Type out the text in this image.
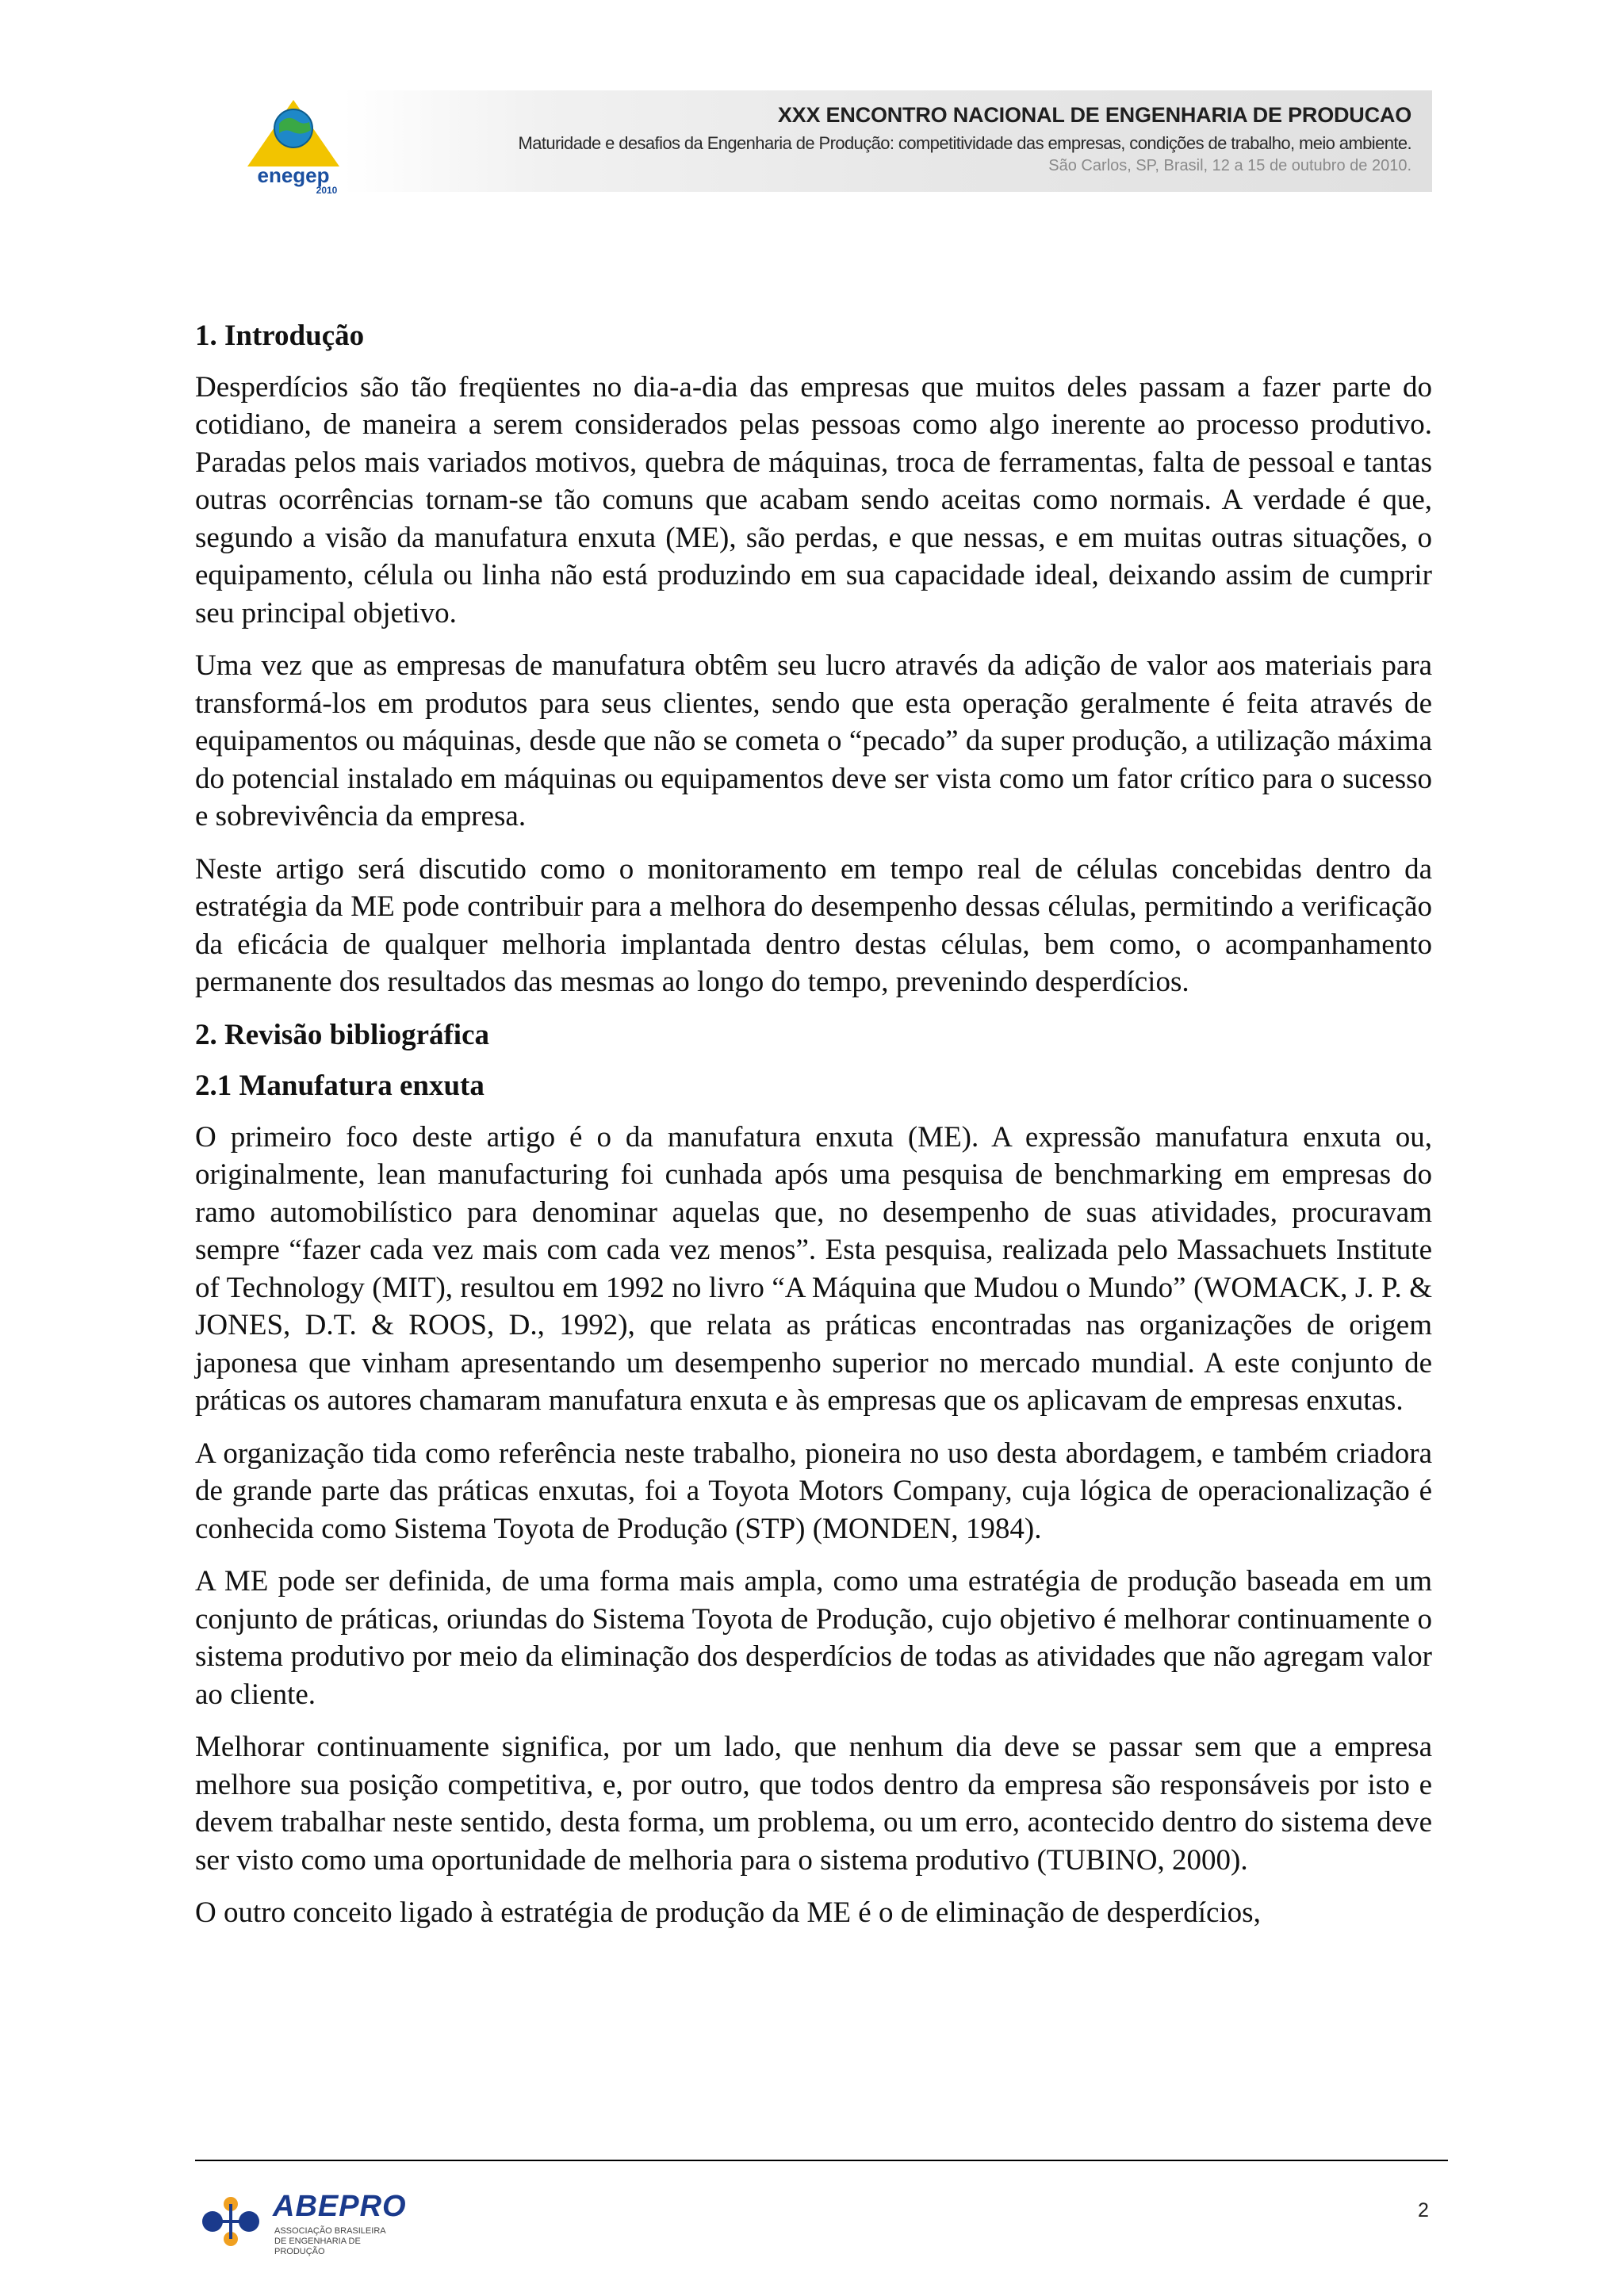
enegep
2010
XXX ENCONTRO NACIONAL DE ENGENHARIA DE PRODUCAO
Maturidade e desafios da Engenharia de Produção: competitividade das empresas, condições de trabalho, meio ambiente.
São Carlos, SP, Brasil, 12 a 15 de outubro de 2010.
1. Introdução

Desperdícios são tão freqüentes no dia-a-dia das empresas que muitos deles passam a fazer parte do cotidiano, de maneira a serem considerados pelas pessoas como algo inerente ao processo produtivo. Paradas pelos mais variados motivos, quebra de máquinas, troca de ferramentas, falta de pessoal e tantas outras ocorrências tornam-se tão comuns que acabam sendo aceitas como normais. A verdade é que, segundo a visão da manufatura enxuta (ME), são perdas, e que nessas, e em muitas outras situações, o equipamento, célula ou linha não está produzindo em sua capacidade ideal, deixando assim de cumprir seu principal objetivo.

Uma vez que as empresas de manufatura obtêm seu lucro através da adição de valor aos materiais para transformá-los em produtos para seus clientes, sendo que esta operação geralmente é feita através de equipamentos ou máquinas, desde que não se cometa o “pecado” da super produção, a utilização máxima do potencial instalado em máquinas ou equipamentos deve ser vista como um fator crítico para o sucesso e sobrevivência da empresa.

Neste artigo será discutido como o monitoramento em tempo real de células concebidas dentro da estratégia da ME pode contribuir para a melhora do desempenho dessas células, permitindo a verificação da eficácia de qualquer melhoria implantada dentro destas células, bem como, o acompanhamento permanente dos resultados das mesmas ao longo do tempo, prevenindo desperdícios.

2. Revisão bibliográfica
2.1 Manufatura enxuta

O primeiro foco deste artigo é o da manufatura enxuta (ME). A expressão manufatura enxuta ou, originalmente, lean manufacturing foi cunhada após uma pesquisa de benchmarking em empresas do ramo automobilístico para denominar aquelas que, no desempenho de suas atividades, procuravam sempre “fazer cada vez mais com cada vez menos”. Esta pesquisa, realizada pelo Massachuets Institute of Technology (MIT), resultou em 1992 no livro “A Máquina que Mudou o Mundo” (WOMACK, J. P. & JONES, D.T. & ROOS, D., 1992), que relata as práticas encontradas nas organizações de origem japonesa que vinham apresentando um desempenho superior no mercado mundial. A este conjunto de práticas os autores chamaram manufatura enxuta e às empresas que os aplicavam de empresas enxutas.

A organização tida como referência neste trabalho, pioneira no uso desta abordagem, e também criadora de grande parte das práticas enxutas, foi a Toyota Motors Company, cuja lógica de operacionalização é conhecida como Sistema Toyota de Produção (STP) (MONDEN, 1984).

A ME pode ser definida, de uma forma mais ampla, como uma estratégia de produção baseada em um conjunto de práticas, oriundas do Sistema Toyota de Produção, cujo objetivo é melhorar continuamente o sistema produtivo por meio da eliminação dos desperdícios de todas as atividades que não agregam valor ao cliente.

Melhorar continuamente significa, por um lado, que nenhum dia deve se passar sem que a empresa melhore sua posição competitiva, e, por outro, que todos dentro da empresa são responsáveis por isto e devem trabalhar neste sentido, desta forma, um problema, ou um erro, acontecido dentro do sistema deve ser visto como uma oportunidade de melhoria para o sistema produtivo (TUBINO, 2000).

O outro conceito ligado à estratégia de produção da ME é o de eliminação de desperdícios,

ABEPRO
ASSOCIAÇÃO BRASILEIRA DE ENGENHARIA DE PRODUÇÃO
2
